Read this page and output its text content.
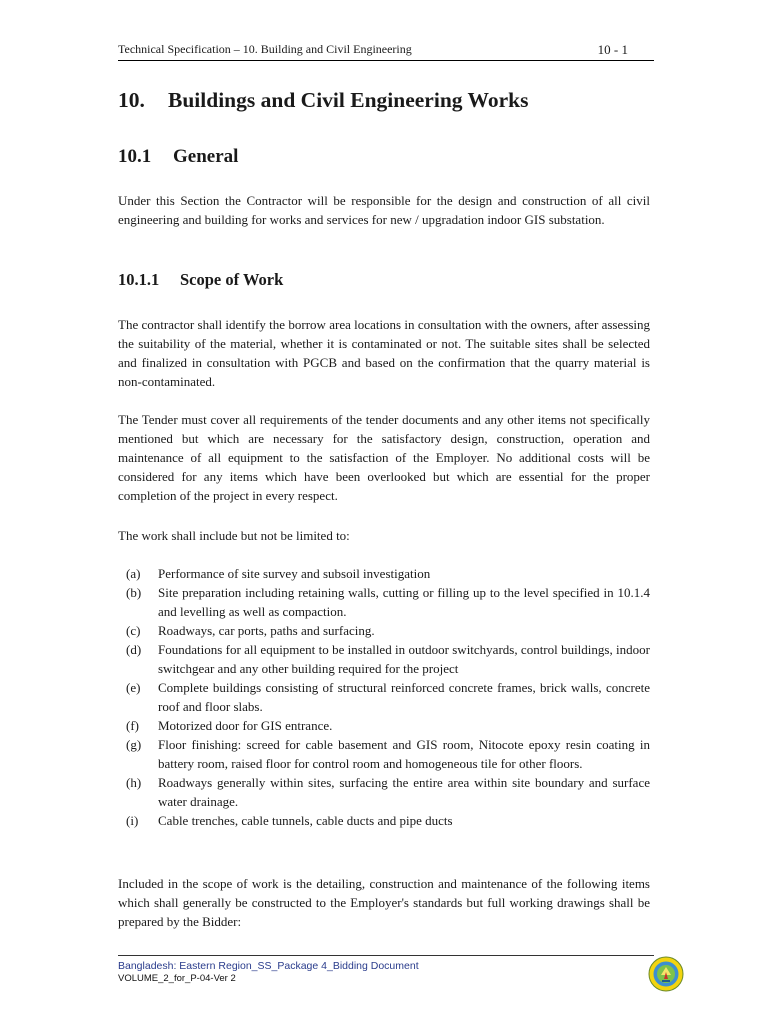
Technical Specification – 10. Building and Civil Engineering	10 - 1
10. Buildings and Civil Engineering Works
10.1 General

Under this Section the Contractor will be responsible for the design and construction of all civil engineering and building for works and services for new / upgradation indoor GIS substation.

10.1.1 Scope of Work

The contractor shall identify the borrow area locations in consultation with the owners, after assessing the suitability of the material, whether it is contaminated or not. The suitable sites shall be selected and finalized in consultation with PGCB and based on the confirmation that the quarry material is non-contaminated.

The Tender must cover all requirements of the tender documents and any other items not specifically mentioned but which are necessary for the satisfactory design, construction, operation and maintenance of all equipment to the satisfaction of the Employer. No additional costs will be considered for any items which have been overlooked but which are essential for the proper completion of the project in every respect.

The work shall include but not be limited to:

(a)	Performance of site survey and subsoil investigation
(b)	Site preparation including retaining walls, cutting or filling up to the level specified in 10.1.4 and levelling as well as compaction.
(c)	Roadways, car ports, paths and surfacing.
(d)	Foundations for all equipment to be installed in outdoor switchyards, control buildings, indoor switchgear and any other building required for the project
(e)	Complete buildings consisting of structural reinforced concrete frames, brick walls, concrete roof and floor slabs.
(f)	Motorized door for GIS entrance.
(g)	Floor finishing: screed for cable basement and GIS room, Nitocote epoxy resin coating in battery room, raised floor for control room and homogeneous tile for other floors.
(h)	Roadways generally within sites, surfacing the entire area within site boundary and surface water drainage.
(i)	Cable trenches, cable tunnels, cable ducts and pipe ducts

Included in the scope of work is the detailing, construction and maintenance of the following items which shall generally be constructed to the Employer's standards but full working drawings shall be prepared by the Bidder:

Bangladesh: Eastern Region_SS_Package 4_Bidding Document
VOLUME_2_for_P-04-Ver 2
